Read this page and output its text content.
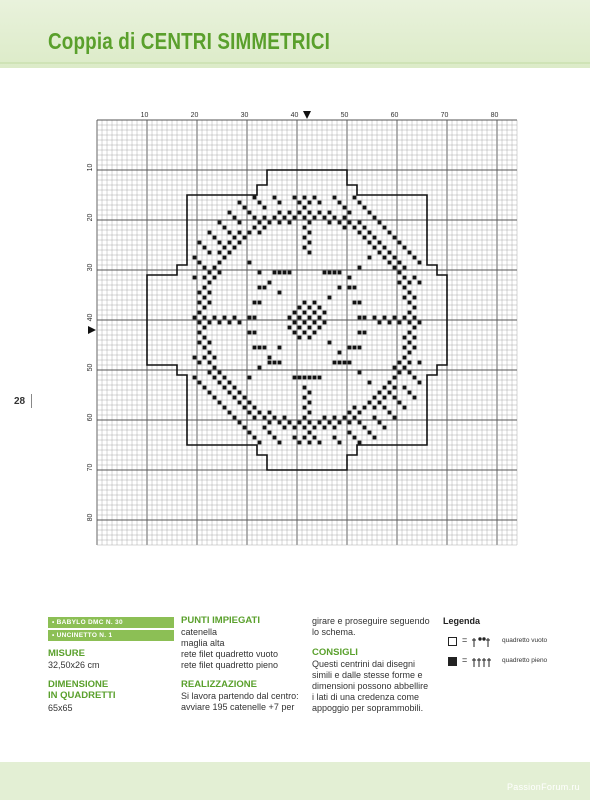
Coppia di CENTRI SIMMETRICI
10	20	30	40	50	60	70	80
10
20
30
40
50
60
70
80
28
• BABYLO DMC N. 30
• UNCINETTO N. 1
MISURE
32,50x26 cm
DIMENSIONE
IN QUADRETTI
65x65
PUNTI IMPIEGATI
catenella
maglia alta
rete filet quadretto vuoto
rete filet quadretto pieno
REALIZZAZIONE
Si lavora partendo dal centro:
avviare 195 catenelle +7 per
girare e proseguire seguendo
lo schema.
CONSIGLI
Questi centrini dai disegni
simili e dalle stesse forme e
dimensioni possono abbellire
i lati di una credenza come
appoggio per soprammobili.
Legenda
=	quadretto vuoto
=	quadretto pieno
PassionForum.ru
